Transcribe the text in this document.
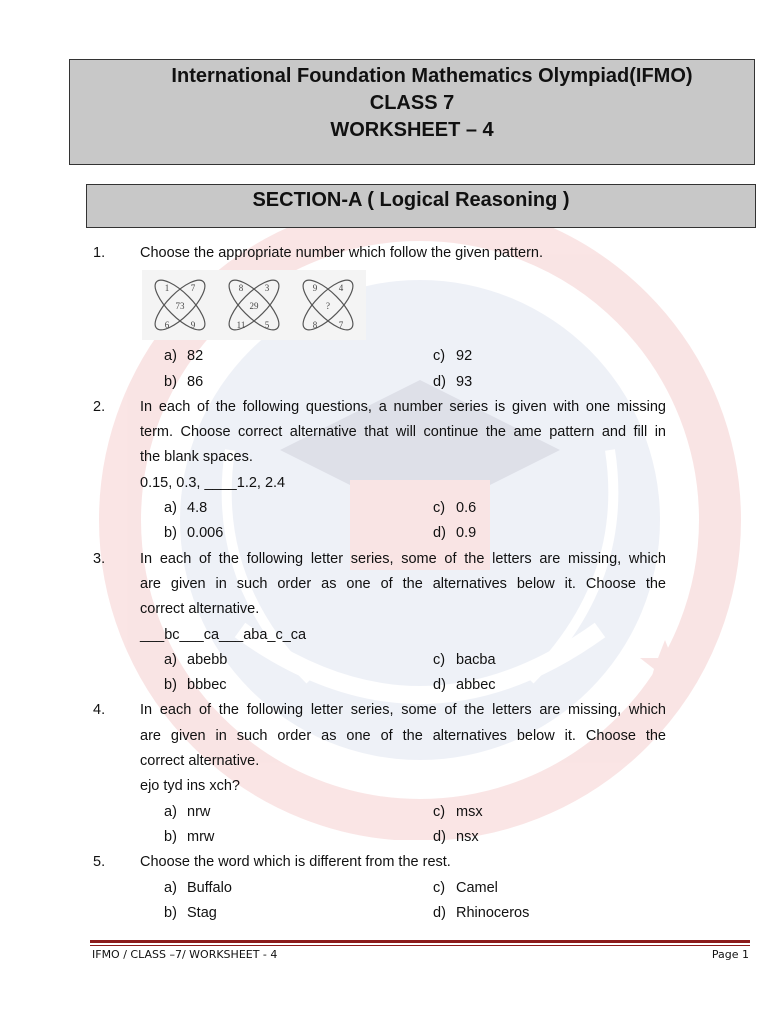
International Foundation Mathematics Olympiad(IFMO)
CLASS 7
WORKSHEET – 4
SECTION-A ( Logical Reasoning )
1. Choose the appropriate number which follow the given pattern.
1 7
73
6 9
8 3
29
11 5
9 4
?
8 7
a) 82	c) 92
b) 86	d) 93
2. In each of the following questions, a number series is given with one missing
term. Choose correct alternative that will continue the ame pattern and fill in
the blank spaces.
0.15, 0.3, ____1.2, 2.4
a) 4.8	c) 0.6
b) 0.006	d) 0.9
3. In each of the following letter series, some of the letters are missing, which
are given in such order as one of the alternatives below it. Choose the
correct alternative.
___bc___ca___aba_c_ca
a) abebb	c) bacba
b) bbbec	d) abbec
4. In each of the following letter series, some of the letters are missing, which
are given in such order as one of the alternatives below it. Choose the
correct alternative.
ejo tyd ins xch?
a) nrw	c) msx
b) mrw	d) nsx
5. Choose the word which is different from the rest.
a) Buffalo	c) Camel
b) Stag	d) Rhinoceros
IFMO / CLASS –7/ WORKSHEET - 4	Page 1
